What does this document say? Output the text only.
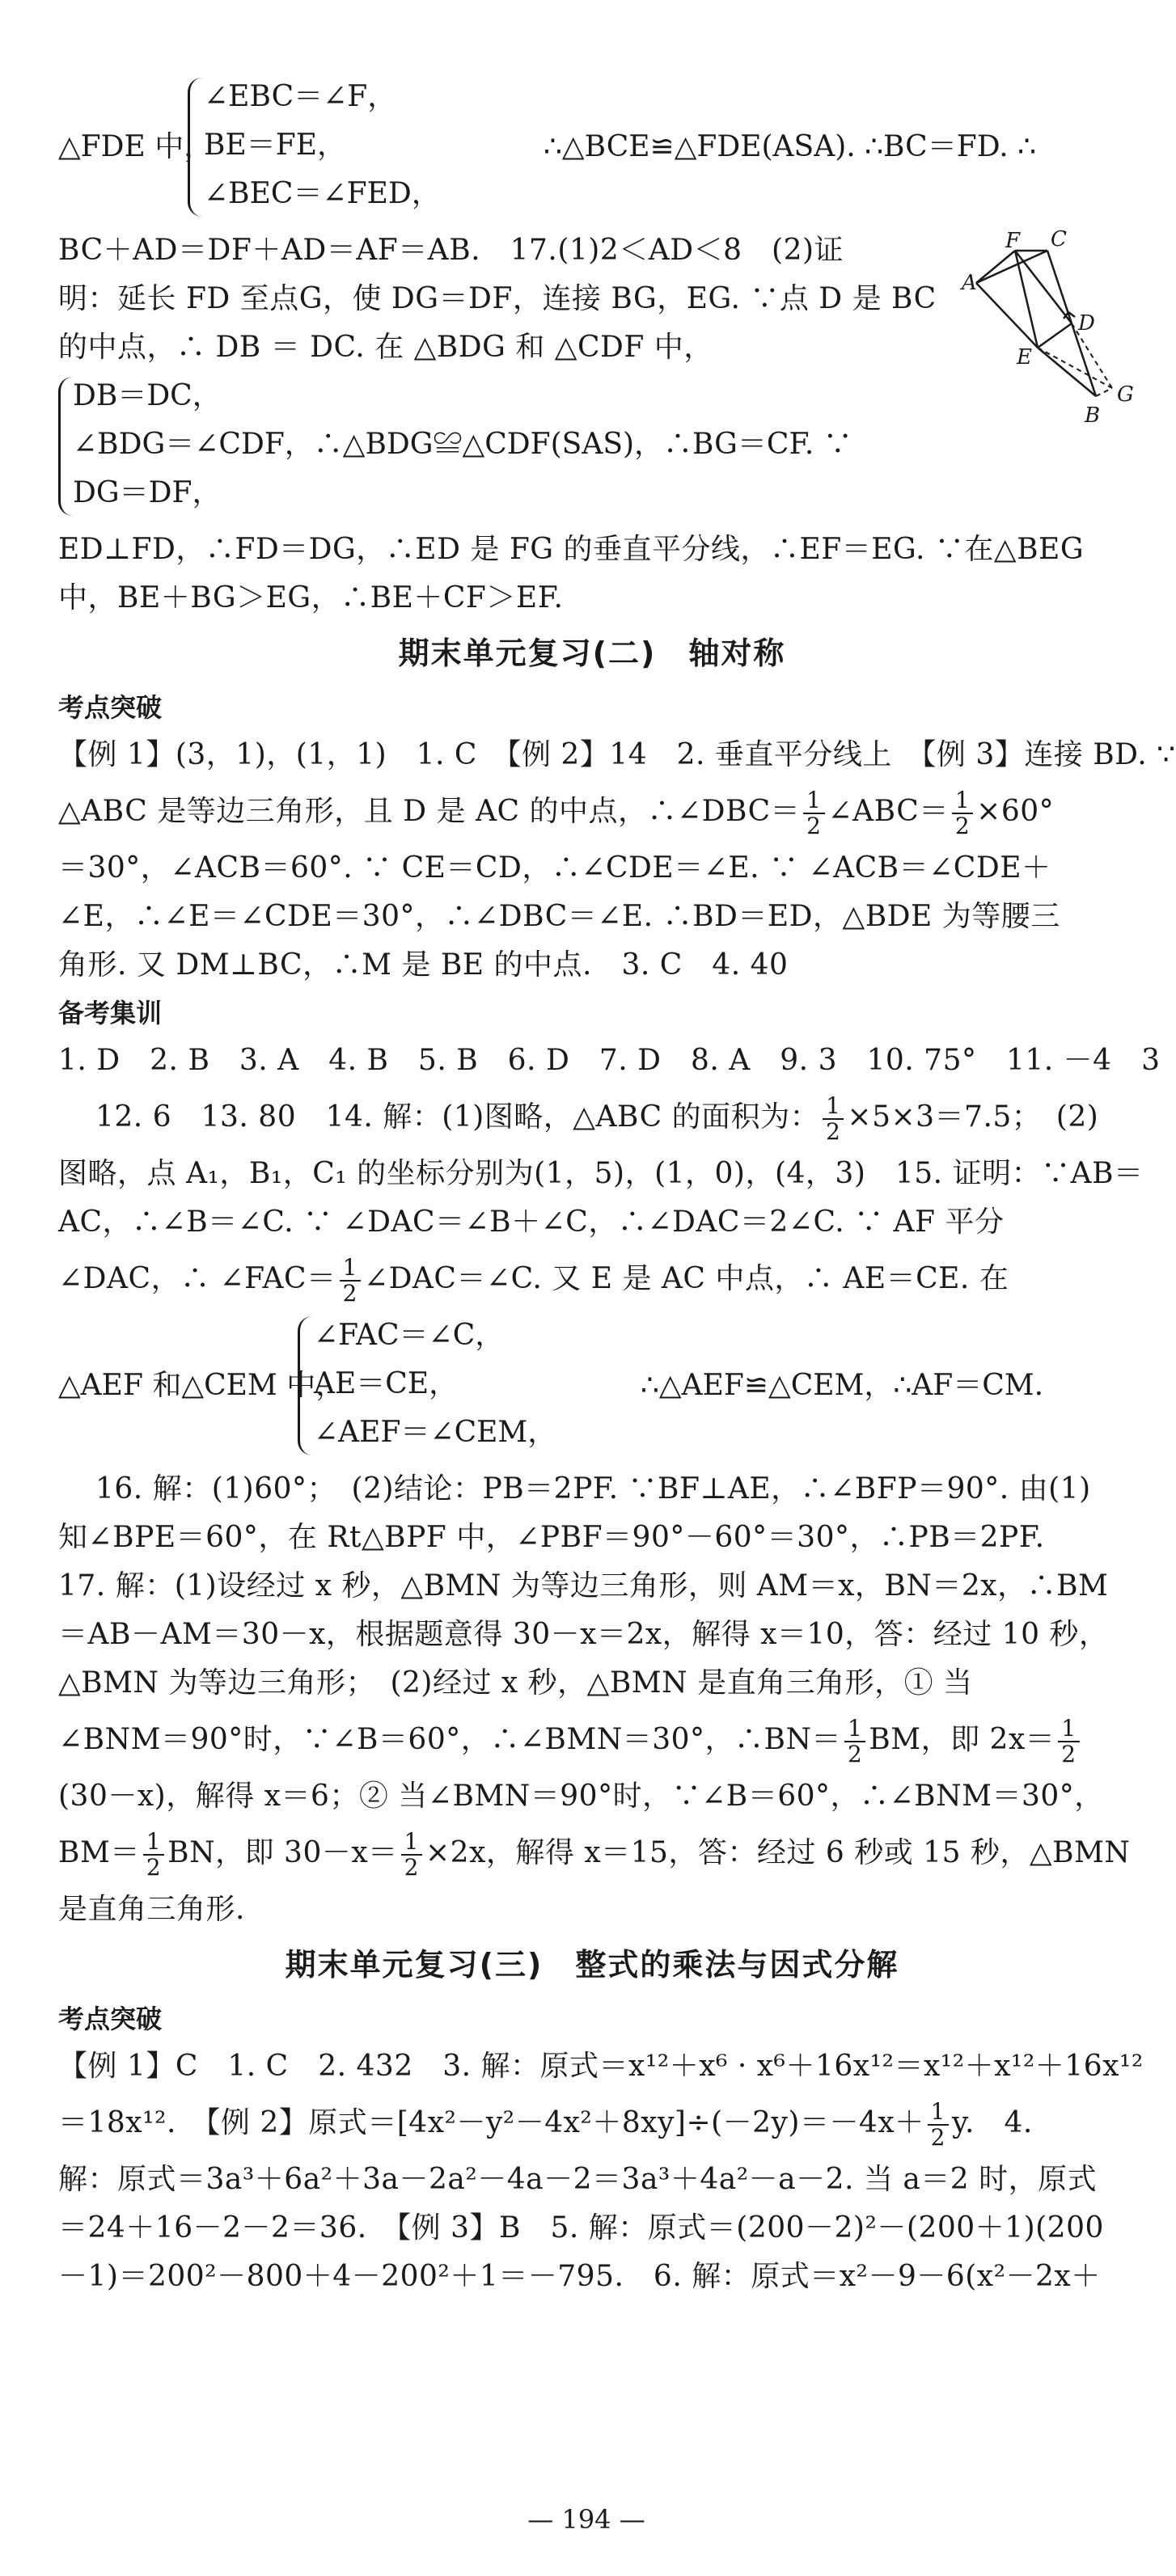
△FDE 中，
∠EBC＝∠F，
BE＝FE，
∠BEC＝∠FED，
∴△BCE≌△FDE(ASA). ∴BC＝FD. ∴
BC＋AD＝DF＋AD＝AF＝AB.　17.(1)2＜AD＜8　(2)证
明：延长 FD 至点G，使 DG＝DF，连接 BG，EG. ∵点 D 是 BC
的中点，∴ DB ＝ DC. 在 △BDG 和 △CDF 中，
DB＝DC，
∠BDG＝∠CDF，∴△BDG≌△CDF(SAS)，∴BG＝CF. ∵
DG＝DF，
ED⊥FD，∴FD＝DG，∴ED 是 FG 的垂直平分线，∴EF＝EG. ∵在△BEG
中，BE＋BG＞EG，∴BE＋CF＞EF.
期末单元复习(二)　轴对称
考点突破
【例 1】(3，1)，(1，1)　1. C　【例 2】14　2. 垂直平分线上　【例 3】连接 BD. ∵
△ABC 是等边三角形，且 D 是 AC 的中点，∴∠DBC＝ $\frac{1}{2}$ ∠ABC＝ $\frac{1}{2} \times 60^\circ$
＝30°，∠ACB＝60°. ∵ CE＝CD，∴∠CDE＝∠E. ∵ ∠ACB＝∠CDE＋
∠E，∴∠E＝∠CDE＝30°，∴∠DBC＝∠E. ∴BD＝ED，△BDE 为等腰三
角形. 又 DM⊥BC，∴M 是 BE 的中点.　3. C　4. 40
备考集训
1. D　2. B　3. A　4. B　5. B　6. D　7. D　8. A　9. 3　10. 75°　11. －4　3
12. 6　13. 80　14. 解：(1)图略，△ABC 的面积为： $\frac{1}{2} \times 5\times 3=7.5$；　(2)
图略，点 A₁，B₁，C₁ 的坐标分别为(1，5)，(1，0)，(4，3)　15. 证明：∵AB＝
AC，∴∠B＝∠C. ∵ ∠DAC＝∠B＋∠C，∴∠DAC＝2∠C. ∵ AF 平分
∠DAC，∴ ∠FAC＝ $\frac{1}{2}$ ∠DAC＝∠C. 又 E 是 AC 中点，∴ AE＝CE. 在
△AEF 和△CEM 中，
∠FAC＝∠C，
AE＝CE，
∠AEF＝∠CEM，
∴△AEF≌△CEM，∴AF＝CM.
16. 解：(1)60°；　(2)结论：PB＝2PF. ∵BF⊥AE，∴∠BFP＝90°. 由(1)
知∠BPE＝60°，在 Rt△BPF 中，∠PBF＝90°－60°＝30°，∴PB＝2PF.
17. 解：(1)设经过 x 秒，△BMN 为等边三角形，则 AM＝x，BN＝2x，∴BM
＝AB－AM＝30－x，根据题意得 30－x＝2x，解得 x＝10，答：经过 10 秒，
△BMN 为等边三角形；　(2)经过 x 秒，△BMN 是直角三角形，① 当
∠BNM＝90°时，∵∠B＝60°，∴∠BMN＝30°，∴BN＝ $\frac{1}{2}$ BM，即 $2x= \frac{1}{2}$
(30－x)，解得 x＝6；② 当∠BMN＝90°时，∵∠B＝60°，∴∠BNM＝30°，
$BM= \frac{1}{2}$ BN，即 $30-x= \frac{1}{2} \times 2x$，解得 x＝15，答：经过 6 秒或 15 秒，△BMN
是直角三角形.
期末单元复习(三)　整式的乘法与因式分解
考点突破
【例 1】C　1. C　2. 432　3. 解：原式＝x¹²＋x⁶ · x⁶＋16x¹²＝x¹²＋x¹²＋16x¹²
＝18x¹².　【例 2】原式$=[4x^2-y^2-4x^2+8xy]\div(-2y)=-4x+ \frac{1}{2} y$.　4.
解：原式＝3a³＋6a²＋3a－2a²－4a－2＝3a³＋4a²－a－2. 当 a＝2 时，原式
＝24＋16－2－2＝36.　【例 3】B　5. 解：原式＝(200－2)²－(200＋1)(200
－1)＝200²－800＋4－200²＋1＝－795.　6. 解：原式＝x²－9－6(x²－2x＋
F C
A
D
E
B
G
— 194 —
